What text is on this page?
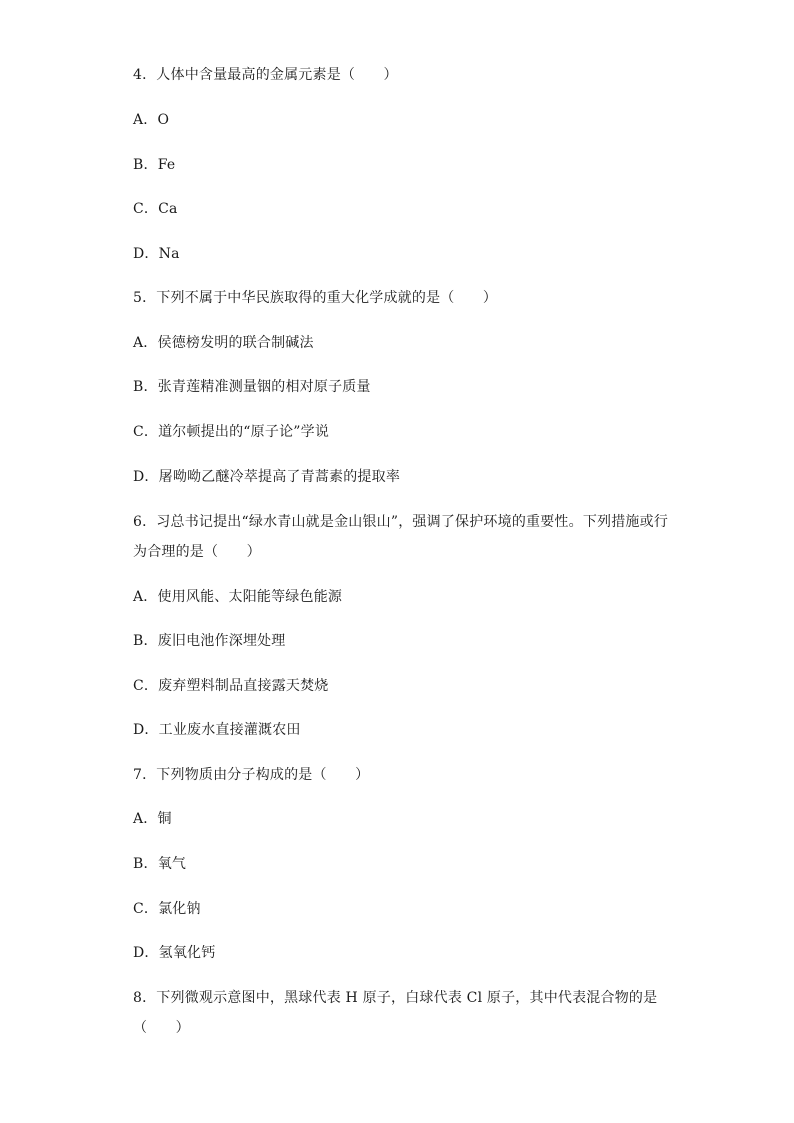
4．人体中含量最高的金属元素是（　　）
A．O
B．Fe
C．Ca
D．Na
5．下列不属于中华民族取得的重大化学成就的是（　　）
A．侯德榜发明的联合制碱法
B．张青莲精准测量铟的相对原子质量
C．道尔顿提出的“原子论”学说
D．屠呦呦乙醚冷萃提高了青蒿素的提取率
6．习总书记提出“绿水青山就是金山银山”，强调了保护环境的重要性。下列措施或行
为合理的是（　　）
A．使用风能、太阳能等绿色能源
B．废旧电池作深埋处理
C．废弃塑料制品直接露天焚烧
D．工业废水直接灌溉农田
7．下列物质由分子构成的是（　　）
A．铜
B．氧气
C．氯化钠
D．氢氧化钙
8．下列微观示意图中，黑球代表 H 原子，白球代表 Cl 原子，其中代表混合物的是
（　　）
